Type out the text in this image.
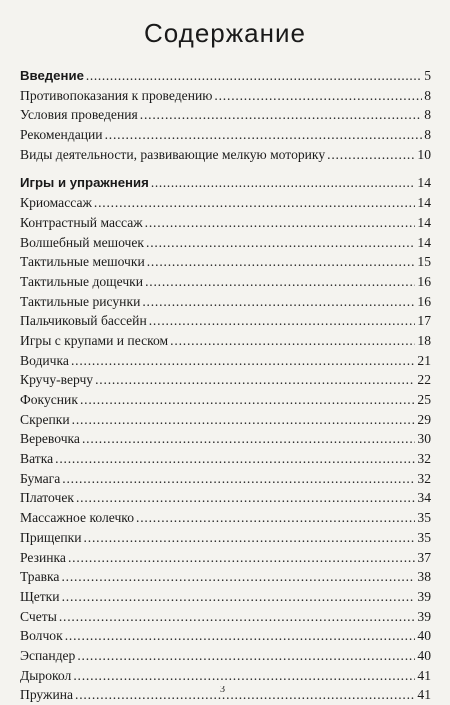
Содержание
Введение . . .	5
Противопоказания к проведению . . .	8
Условия проведения . . .	8
Рекомендации . . .	8
Виды деятельности, развивающие мелкую моторику . . .	10
Игры и упражнения . . .	14
Криомассаж . . .	14
Контрастный массаж . . .	14
Волшебный мешочек . . .	14
Тактильные мешочки . . .	15
Тактильные дощечки . . .	16
Тактильные рисунки . . .	16
Пальчиковый бассейн . . .	17
Игры с крупами и песком . . .	18
Водичка . . .	21
Кручу-верчу . . .	22
Фокусник . . .	25
Скрепки . . .	29
Веревочка . . .	30
Ватка . . .	32
Бумага . . .	32
Платочек . . .	34
Массажное колечко . . .	35
Прищепки . . .	35
Резинка . . .	37
Травка . . .	38
Щетки . . .	39
Счеты . . .	39
Волчок . . .	40
Эспандер . . .	40
Дырокол . . .	41
Пружина . . .	41
3
